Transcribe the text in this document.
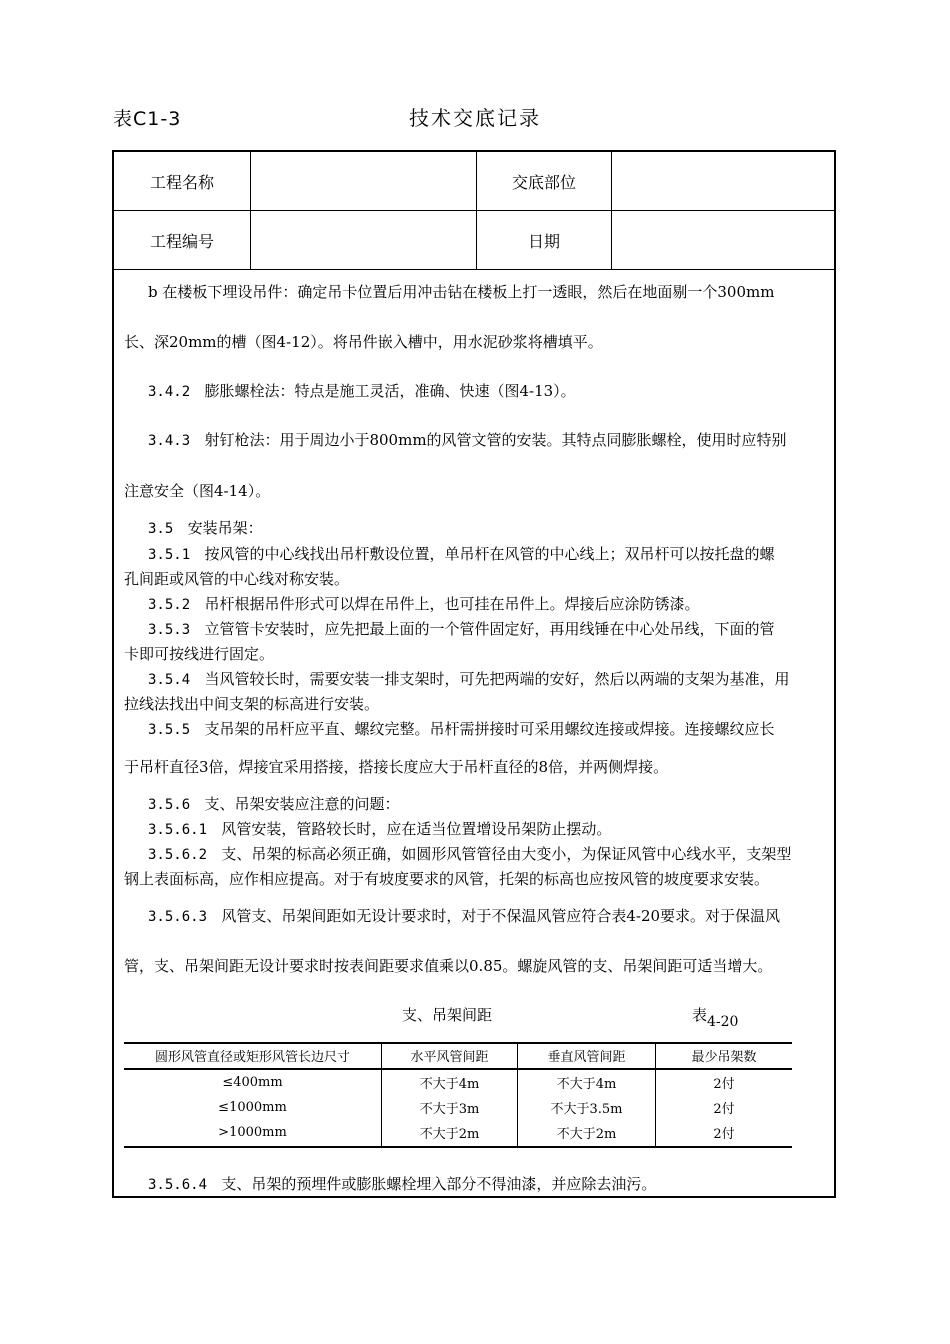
表C1-3	技术交底记录
工程名称	交底部位
工程编号	日期
b 在楼板下埋设吊件：确定吊卡位置后用冲击钻在楼板上打一透眼，然后在地面剔一个300mm
长、深20mm的槽（图4-12）。将吊件嵌入槽中，用水泥砂浆将槽填平。
3.4.2 膨胀螺栓法：特点是施工灵活，准确、快速（图4-13）。
3.4.3 射钉枪法：用于周边小于800mm的风管文管的安装。其特点同膨胀螺栓，使用时应特别
注意安全（图4-14）。
3.5 安装吊架：
3.5.1 按风管的中心线找出吊杆敷设位置，单吊杆在风管的中心线上；双吊杆可以按托盘的螺
孔间距或风管的中心线对称安装。
3.5.2 吊杆根据吊件形式可以焊在吊件上，也可挂在吊件上。焊接后应涂防锈漆。
3.5.3 立管管卡安装时，应先把最上面的一个管件固定好，再用线锤在中心处吊线，下面的管
卡即可按线进行固定。
3.5.4 当风管较长时，需要安装一排支架时，可先把两端的安好，然后以两端的支架为基准，用
拉线法找出中间支架的标高进行安装。
3.5.5 支吊架的吊杆应平直、螺纹完整。吊杆需拼接时可采用螺纹连接或焊接。连接螺纹应长
于吊杆直径3倍，焊接宜采用搭接，搭接长度应大于吊杆直径的8倍，并两侧焊接。
3.5.6 支、吊架安装应注意的问题：
3.5.6.1 风管安装，管路较长时，应在适当位置增设吊架防止摆动。
3.5.6.2 支、吊架的标高必须正确，如圆形风管管径由大变小，为保证风管中心线水平，支架型
钢上表面标高，应作相应提高。对于有坡度要求的风管，托架的标高也应按风管的坡度要求安装。
3.5.6.3 风管支、吊架间距如无设计要求时，对于不保温风管应符合表4-20要求。对于保温风
管，支、吊架间距无设计要求时按表间距要求值乘以0.85。螺旋风管的支、吊架间距可适当增大。
支、吊架间距	表4-20
圆形风管直径或矩形风管长边尺寸	水平风管间距	垂直风管间距	最少吊架数
≤400mm	不大于4m	不大于4m	2付
≤1000mm	不大于3m	不大于3.5m	2付
>1000mm	不大于2m	不大于2m	2付
3.5.6.4 支、吊架的预埋件或膨胀螺栓埋入部分不得油漆，并应除去油污。
